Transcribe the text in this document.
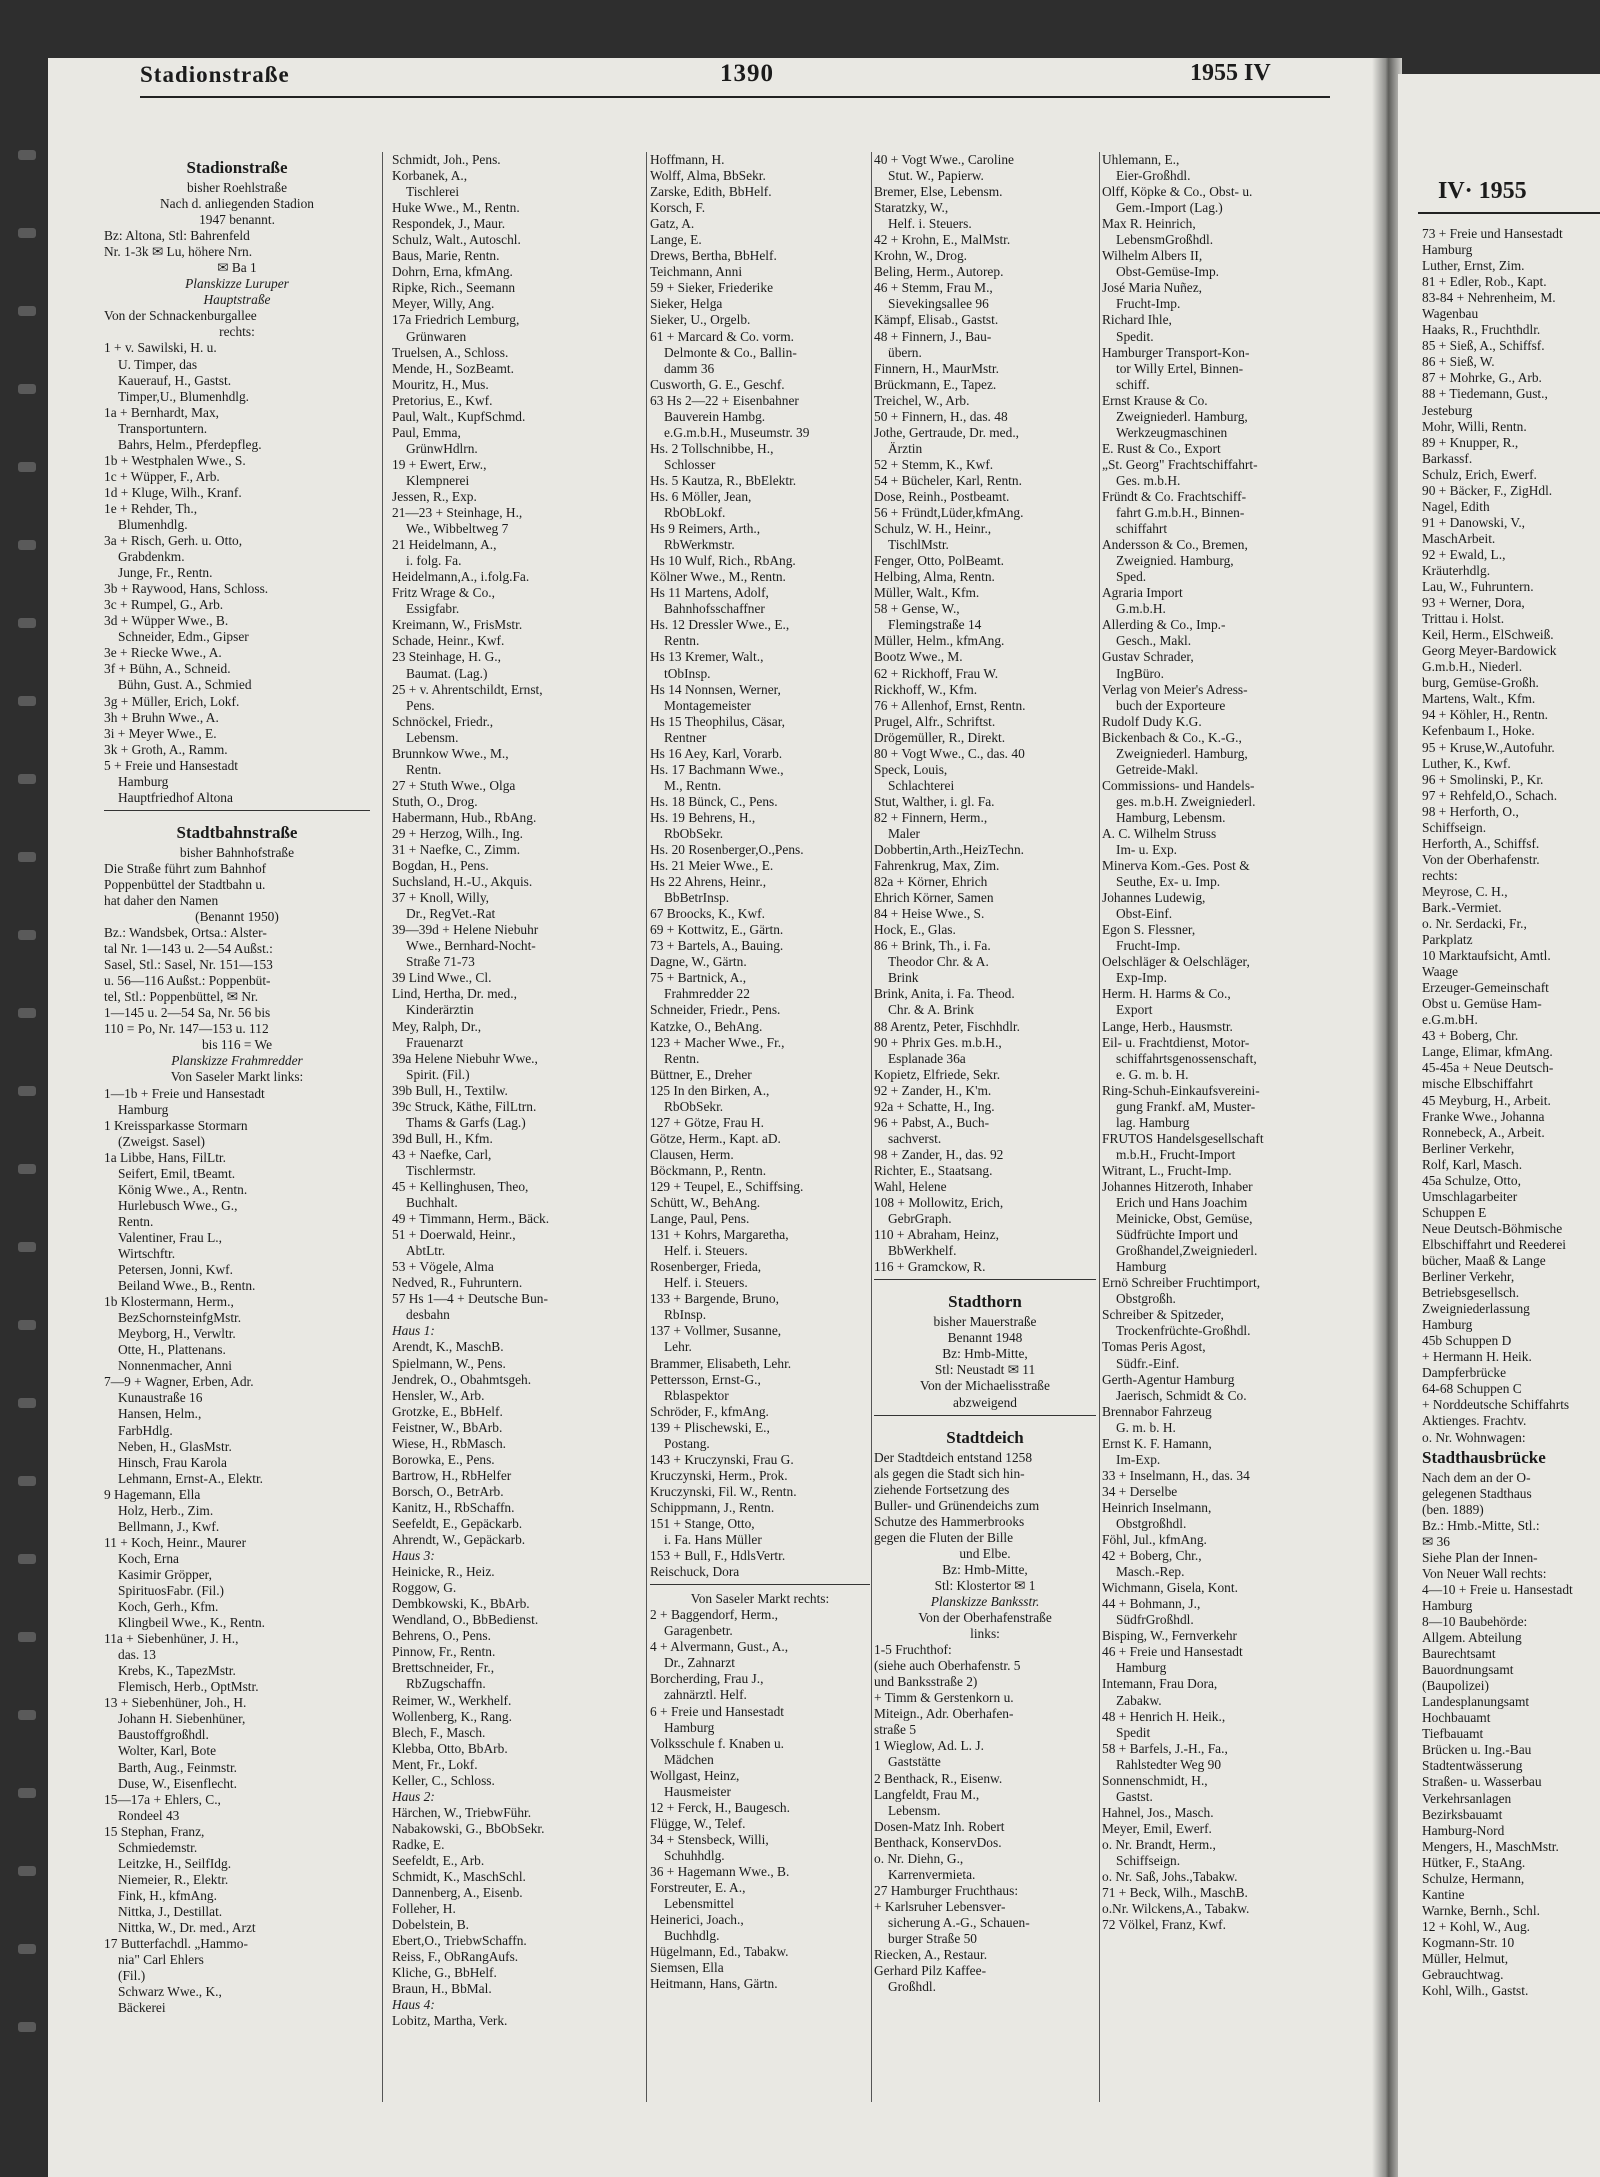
IV· 1955
73 + Freie und Hansestadt
Hamburg
Luther, Ernst, Zim.
81 + Edler, Rob., Kapt.
83-84 + Nehrenheim, M.
Wagenbau
Haaks, R., Fruchthdlr.
85 + Sieß, A., Schiffsf.
86 + Sieß, W.
87 + Mohrke, G., Arb.
88 + Tiedemann, Gust.,
Jesteburg
Mohr, Willi, Rentn.
89 + Knupper, R.,
Barkassf.
Schulz, Erich, Ewerf.
90 + Bäcker, F., ZigHdl.
Nagel, Edith
91 + Danowski, V.,
MaschArbeit.
92 + Ewald, L.,
Kräuterhdlg.
Lau, W., Fuhruntern.
93 + Werner, Dora,
Trittau i. Holst.
Keil, Herm., ElSchweiß.
Georg Meyer-Bardowick
G.m.b.H., Niederl.
burg, Gemüse-Großh.
Martens, Walt., Kfm.
94 + Köhler, H., Rentn.
Kefenbaum I., Hoke.
95 + Kruse,W.,Autofuhr.
Luther, K., Kwf.
96 + Smolinski, P., Kr.
97 + Rehfeld,O., Schach.
98 + Herforth, O.,
Schiffseign.
Herforth, A., Schiffsf.
Von der Oberhafenstr.
rechts:
Meyrose, C. H.,
Bark.-Vermiet.
o. Nr. Serdacki, Fr.,
Parkplatz
10 Marktaufsicht, Amtl.
Waage
Erzeuger-Gemeinschaft
Obst u. Gemüse Ham-
e.G.m.bH.
43 + Boberg, Chr.
Lange, Elimar, kfmAng.
45-45a + Neue Deutsch-
mische Elbschiffahrt
45 Meyburg, H., Arbeit.
Franke Wwe., Johanna
Ronnebeck, A., Arbeit.
Berliner Verkehr,
Rolf, Karl, Masch.
45a Schulze, Otto,
Umschlagarbeiter
Schuppen E
Neue Deutsch-Böhmische
Elbschiffahrt und Reederei
bücher, Maaß & Lange
Berliner Verkehr,
Betriebsgesellsch.
Zweigniederlassung
Hamburg
45b Schuppen D
+ Hermann H. Heik.
Dampferbrücke
64-68 Schuppen C
+ Norddeutsche Schiffahrts
Aktienges. Frachtv.
o. Nr. Wohnwagen:
Stadthausbrücke
Nach dem an der O-
gelegenen Stadthaus
(ben. 1889)
Bz.: Hmb.-Mitte, Stl.:
✉ 36
Siehe Plan der Innen-
Von Neuer Wall rechts:
4—10 + Freie u. Hansestadt
Hamburg
8—10 Baubehörde:
Allgem. Abteilung
Baurechtsamt
Bauordnungsamt
(Baupolizei)
Landesplanungsamt
Hochbauamt
Tiefbauamt
Brücken u. Ing.-Bau
Stadtentwässerung
Straßen- u. Wasserbau
Verkehrsanlagen
Bezirksbauamt
Hamburg-Nord
Mengers, H., MaschMstr.
Hütker, F., StaAng.
Schulze, Hermann,
Kantine
Warnke, Bernh., Schl.
12 + Kohl, W., Aug.
Kogmann-Str. 10
Müller, Helmut,
Gebrauchtwag.
Kohl, Wilh., Gastst.
Stadionstraße	1390	1955 IV
Stadionstraße
bisher Roehlstraße
Nach d. anliegenden Stadion
1947 benannt.
Bz: Altona, Stl: Bahrenfeld
Nr. 1-3k ✉ Lu, höhere Nrn.
✉ Ba 1
Planskizze Luruper
Hauptstraße
Von der Schnackenburgallee
rechts:
1 + v. Sawilski, H. u.
U. Timper, das
Kauerauf, H., Gastst.
Timper,U., Blumenhdlg.
1a + Bernhardt, Max,
Transportuntern.
Bahrs, Helm., Pferdepfleg.
1b + Westphalen Wwe., S.
1c + Wüpper, F., Arb.
1d + Kluge, Wilh., Kranf.
1e + Rehder, Th.,
Blumenhdlg.
3a + Risch, Gerh. u. Otto,
Grabdenkm.
Junge, Fr., Rentn.
3b + Raywood, Hans, Schloss.
3c + Rumpel, G., Arb.
3d + Wüpper Wwe., B.
Schneider, Edm., Gipser
3e + Riecke Wwe., A.
3f + Bühn, A., Schneid.
Bühn, Gust. A., Schmied
3g + Müller, Erich, Lokf.
3h + Bruhn Wwe., A.
3i + Meyer Wwe., E.
3k + Groth, A., Ramm.
5 + Freie und Hansestadt
Hamburg
Hauptfriedhof Altona
Stadtbahnstraße
bisher Bahnhofstraße
Die Straße führt zum Bahnhof
Poppenbüttel der Stadtbahn u.
hat daher den Namen
(Benannt 1950)
Bz.: Wandsbek, Ortsa.: Alster-
tal Nr. 1—143 u. 2—54 Außst.:
Sasel, Stl.: Sasel, Nr. 151—153
u. 56—116 Außst.: Poppenbüt-
tel, Stl.: Poppenbüttel, ✉ Nr.
1—145 u. 2—54 Sa, Nr. 56 bis
110 = Po, Nr. 147—153 u. 112
bis 116 = We
Planskizze Frahmredder
Von Saseler Markt links:
1—1b + Freie und Hansestadt
Hamburg
1 Kreissparkasse Stormarn
(Zweigst. Sasel)
1a Libbe, Hans, FilLtr.
Seifert, Emil, tBeamt.
König Wwe., A., Rentn.
Hurlebusch Wwe., G.,
Rentn.
Valentiner, Frau L.,
Wirtschftr.
Petersen, Jonni, Kwf.
Beiland Wwe., B., Rentn.
1b Klostermann, Herm.,
BezSchornsteinfgMstr.
Meyborg, H., Verwltr.
Otte, H., Plattenans.
Nonnenmacher, Anni
7—9 + Wagner, Erben, Adr.
Kunaustraße 16
Hansen, Helm.,
FarbHdlg.
Neben, H., GlasMstr.
Hinsch, Frau Karola
Lehmann, Ernst-A., Elektr.
9 Hagemann, Ella
Holz, Herb., Zim.
Bellmann, J., Kwf.
11 + Koch, Heinr., Maurer
Koch, Erna
Kasimir Gröpper,
SpirituosFabr. (Fil.)
Koch, Gerh., Kfm.
Klingbeil Wwe., K., Rentn.
11a + Siebenhüner, J. H.,
das. 13
Krebs, K., TapezMstr.
Flemisch, Herb., OptMstr.
13 + Siebenhüner, Joh., H.
Johann H. Siebenhüner,
Baustoffgroßhdl.
Wolter, Karl, Bote
Barth, Aug., Feinmstr.
Duse, W., Eisenflecht.
15—17a + Ehlers, C.,
Rondeel 43
15 Stephan, Franz,
Schmiedemstr.
Leitzke, H., SeilfIdg.
Niemeier, R., Elektr.
Fink, H., kfmAng.
Nittka, J., Destillat.
Nittka, W., Dr. med., Arzt
17 Butterfachdl. „Hammo-
nia" Carl Ehlers
(Fil.)
Schwarz Wwe., K.,
Bäckerei
Schmidt, Joh., Pens.
Korbanek, A.,
Tischlerei
Huke Wwe., M., Rentn.
Respondek, J., Maur.
Schulz, Walt., Autoschl.
Baus, Marie, Rentn.
Dohrn, Erna, kfmAng.
Ripke, Rich., Seemann
Meyer, Willy, Ang.
17a Friedrich Lemburg,
Grünwaren
Truelsen, A., Schloss.
Mende, H., SozBeamt.
Mouritz, H., Mus.
Pretorius, E., Kwf.
Paul, Walt., KupfSchmd.
Paul, Emma,
GrünwHdlrn.
19 + Ewert, Erw.,
Klempnerei
Jessen, R., Exp.
21—23 + Steinhage, H.,
We., Wibbeltweg 7
21 Heidelmann, A.,
i. folg. Fa.
Heidelmann,A., i.folg.Fa.
Fritz Wrage & Co.,
Essigfabr.
Kreimann, W., FrisMstr.
Schade, Heinr., Kwf.
23 Steinhage, H. G.,
Baumat. (Lag.)
25 + v. Ahrentschildt, Ernst,
Pens.
Schnöckel, Friedr.,
Lebensm.
Brunnkow Wwe., M.,
Rentn.
27 + Stuth Wwe., Olga
Stuth, O., Drog.
Habermann, Hub., RbAng.
29 + Herzog, Wilh., Ing.
31 + Naefke, C., Zimm.
Bogdan, H., Pens.
Suchsland, H.-U., Akquis.
37 + Knoll, Willy,
Dr., RegVet.-Rat
39—39d + Helene Niebuhr
Wwe., Bernhard-Nocht-
Straße 71-73
39 Lind Wwe., Cl.
Lind, Hertha, Dr. med.,
Kinderärztin
Mey, Ralph, Dr.,
Frauenarzt
39a Helene Niebuhr Wwe.,
Spirit. (Fil.)
39b Bull, H., Textilw.
39c Struck, Käthe, FilLtrn.
Thams & Garfs (Lag.)
39d Bull, H., Kfm.
43 + Naefke, Carl,
Tischlermstr.
45 + Kellinghusen, Theo,
Buchhalt.
49 + Timmann, Herm., Bäck.
51 + Doerwald, Heinr.,
AbtLtr.
53 + Vögele, Alma
Nedved, R., Fuhruntern.
57 Hs 1—4 + Deutsche Bun-
desbahn
Haus 1:
Arendt, K., MaschB.
Spielmann, W., Pens.
Jendrek, O., Obahmtsgeh.
Hensler, W., Arb.
Grotzke, E., BbHelf.
Feistner, W., BbArb.
Wiese, H., RbMasch.
Borowka, E., Pens.
Bartrow, H., RbHelfer
Borsch, O., BetrArb.
Kanitz, H., RbSchaffn.
Seefeldt, E., Gepäckarb.
Ahrendt, W., Gepäckarb.
Haus 3:
Heinicke, R., Heiz.
Roggow, G.
Dembkowski, K., BbArb.
Wendland, O., BbBedienst.
Behrens, O., Pens.
Pinnow, Fr., Rentn.
Brettschneider, Fr.,
RbZugschaffn.
Reimer, W., Werkhelf.
Wollenberg, K., Rang.
Blech, F., Masch.
Klebba, Otto, BbArb.
Ment, Fr., Lokf.
Keller, C., Schloss.
Haus 2:
Härchen, W., TriebwFühr.
Nabakowski, G., BbObSekr.
Radke, E.
Seefeldt, E., Arb.
Schmidt, K., MaschSchl.
Dannenberg, A., Eisenb.
Folleher, H.
Dobelstein, B.
Ebert,O., TriebwSchaffn.
Reiss, F., ObRangAufs.
Kliche, G., BbHelf.
Braun, H., BbMal.
Haus 4:
Lobitz, Martha, Verk.
Hoffmann, H.
Wolff, Alma, BbSekr.
Zarske, Edith, BbHelf.
Korsch, F.
Gatz, A.
Lange, E.
Drews, Bertha, BbHelf.
Teichmann, Anni
59 + Sieker, Friederike
Sieker, Helga
Sieker, U., Orgelb.
61 + Marcard & Co. vorm.
Delmonte & Co., Ballin-
damm 36
Cusworth, G. E., Geschf.
63 Hs 2—22 + Eisenbahner
Bauverein Hambg.
e.G.m.b.H., Museumstr. 39
Hs. 2 Tollschnibbe, H.,
Schlosser
Hs. 5 Kautza, R., BbElektr.
Hs. 6 Möller, Jean,
RbObLokf.
Hs 9 Reimers, Arth.,
RbWerkmstr.
Hs 10 Wulf, Rich., RbAng.
Kölner Wwe., M., Rentn.
Hs 11 Martens, Adolf,
Bahnhofsschaffner
Hs. 12 Dressler Wwe., E.,
Rentn.
Hs 13 Kremer, Walt.,
tObInsp.
Hs 14 Nonnsen, Werner,
Montagemeister
Hs 15 Theophilus, Cäsar,
Rentner
Hs 16 Aey, Karl, Vorarb.
Hs. 17 Bachmann Wwe.,
M., Rentn.
Hs. 18 Bünck, C., Pens.
Hs. 19 Behrens, H.,
RbObSekr.
Hs. 20 Rosenberger,O.,Pens.
Hs. 21 Meier Wwe., E.
Hs 22 Ahrens, Heinr.,
BbBetrInsp.
67 Broocks, K., Kwf.
69 + Kottwitz, E., Gärtn.
73 + Bartels, A., Bauing.
Dagne, W., Gärtn.
75 + Bartnick, A.,
Frahmredder 22
Schneider, Friedr., Pens.
Katzke, O., BehAng.
123 + Macher Wwe., Fr.,
Rentn.
Büttner, E., Dreher
125 In den Birken, A.,
RbObSekr.
127 + Götze, Frau H.
Götze, Herm., Kapt. aD.
Clausen, Herm.
Böckmann, P., Rentn.
129 + Teupel, E., Schiffsing.
Schütt, W., BehAng.
Lange, Paul, Pens.
131 + Kohrs, Margaretha,
Helf. i. Steuers.
Rosenberger, Frieda,
Helf. i. Steuers.
133 + Bargende, Bruno,
RbInsp.
137 + Vollmer, Susanne,
Lehr.
Brammer, Elisabeth, Lehr.
Pettersson, Ernst-G.,
Rblaspektor
Schröder, F., kfmAng.
139 + Plischewski, E.,
Postang.
143 + Kruczynski, Frau G.
Kruczynski, Herm., Prok.
Kruczynski, Fil. W., Rentn.
Schippmann, J., Rentn.
151 + Stange, Otto,
i. Fa. Hans Müller
153 + Bull, F., HdlsVertr.
Reischuck, Dora
Von Saseler Markt rechts:
2 + Baggendorf, Herm.,
Garagenbetr.
4 + Alvermann, Gust., A.,
Dr., Zahnarzt
Borcherding, Frau J.,
zahnärztl. Helf.
6 + Freie und Hansestadt
Hamburg
Volksschule f. Knaben u.
Mädchen
Wollgast, Heinz,
Hausmeister
12 + Ferck, H., Baugesch.
Flügge, W., Telef.
34 + Stensbeck, Willi,
Schuhhdlg.
36 + Hagemann Wwe., B.
Forstreuter, E. A.,
Lebensmittel
Heinerici, Joach.,
Buchhdlg.
Hügelmann, Ed., Tabakw.
Siemsen, Ella
Heitmann, Hans, Gärtn.
40 + Vogt Wwe., Caroline
Stut. W., Papierw.
Bremer, Else, Lebensm.
Staratzky, W.,
Helf. i. Steuers.
42 + Krohn, E., MalMstr.
Krohn, W., Drog.
Beling, Herm., Autorep.
46 + Stemm, Frau M.,
Sievekingsallee 96
Kämpf, Elisab., Gastst.
48 + Finnern, J., Bau-
übern.
Finnern, H., MaurMstr.
Brückmann, E., Tapez.
Treichel, W., Arb.
50 + Finnern, H., das. 48
Jothe, Gertraude, Dr. med.,
Ärztin
52 + Stemm, K., Kwf.
54 + Bücheler, Karl, Rentn.
Dose, Reinh., Postbeamt.
56 + Fründt,Lüder,kfmAng.
Schulz, W. H., Heinr.,
TischlMstr.
Fenger, Otto, PolBeamt.
Helbing, Alma, Rentn.
Müller, Walt., Kfm.
58 + Gense, W.,
Flemingstraße 14
Müller, Helm., kfmAng.
Bootz Wwe., M.
62 + Rickhoff, Frau W.
Rickhoff, W., Kfm.
76 + Allenhof, Ernst, Rentn.
Prugel, Alfr., Schriftst.
Drögemüller, R., Direkt.
80 + Vogt Wwe., C., das. 40
Speck, Louis,
Schlachterei
Stut, Walther, i. gl. Fa.
82 + Finnern, Herm.,
Maler
Dobbertin,Arth.,HeizTechn.
Fahrenkrug, Max, Zim.
82a + Körner, Ehrich
Ehrich Körner, Samen
84 + Heise Wwe., S.
Hock, E., Glas.
86 + Brink, Th., i. Fa.
Theodor Chr. & A.
Brink
Brink, Anita, i. Fa. Theod.
Chr. & A. Brink
88 Arentz, Peter, Fischhdlr.
90 + Phrix Ges. m.b.H.,
Esplanade 36a
Kopietz, Elfriede, Sekr.
92 + Zander, H., K'm.
92a + Schatte, H., Ing.
96 + Pabst, A., Buch-
sachverst.
98 + Zander, H., das. 92
Richter, E., Staatsang.
Wahl, Helene
108 + Mollowitz, Erich,
GebrGraph.
110 + Abraham, Heinz,
BbWerkhelf.
116 + Gramckow, R.
Stadthorn
bisher Mauerstraße
Benannt 1948
Bz: Hmb-Mitte,
Stl: Neustadt ✉ 11
Von der Michaelisstraße
abzweigend
Stadtdeich
Der Stadtdeich entstand 1258
als gegen die Stadt sich hin-
ziehende Fortsetzung des
Buller- und Grünendeichs zum
Schutze des Hammerbrooks
gegen die Fluten der Bille
und Elbe.
Bz: Hmb-Mitte,
Stl: Klostertor ✉ 1
Planskizze Banksstr.
Von der Oberhafenstraße
links:
1-5 Fruchthof:
(siehe auch Oberhafenstr. 5
und Banksstraße 2)
+ Timm & Gerstenkorn u.
Miteign., Adr. Oberhafen-
straße 5
1 Wieglow, Ad. L. J.
Gaststätte
2 Benthack, R., Eisenw.
Langfeldt, Frau M.,
Lebensm.
Dosen-Matz Inh. Robert
Benthack, KonservDos.
o. Nr. Diehn, G.,
Karrenvermieta.
27 Hamburger Fruchthaus:
+ Karlsruher Lebensver-
sicherung A.-G., Schauen-
burger Straße 50
Riecken, A., Restaur.
Gerhard Pilz Kaffee-
Großhdl.
Uhlemann, E.,
Eier-Großhdl.
Olff, Köpke & Co., Obst- u.
Gem.-Import (Lag.)
Max R. Heinrich,
LebensmGroßhdl.
Wilhelm Albers II,
Obst-Gemüse-Imp.
José Maria Nuñez,
Frucht-Imp.
Richard Ihle,
Spedit.
Hamburger Transport-Kon-
tor Willy Ertel, Binnen-
schiff.
Ernst Krause & Co.
Zweigniederl. Hamburg,
Werkzeugmaschinen
E. Rust & Co., Export
„St. Georg" Frachtschiffahrt-
Ges. m.b.H.
Fründt & Co. Frachtschiff-
fahrt G.m.b.H., Binnen-
schiffahrt
Andersson & Co., Bremen,
Zweignied. Hamburg,
Sped.
Agraria Import
G.m.b.H.
Allerding & Co., Imp.-
Gesch., Makl.
Gustav Schrader,
IngBüro.
Verlag von Meier's Adress-
buch der Exporteure
Rudolf Dudy K.G.
Bickenbach & Co., K.-G.,
Zweigniederl. Hamburg,
Getreide-Makl.
Commissions- und Handels-
ges. m.b.H. Zweigniederl.
Hamburg, Lebensm.
A. C. Wilhelm Struss
Im- u. Exp.
Minerva Kom.-Ges. Post &
Seuthe, Ex- u. Imp.
Johannes Ludewig,
Obst-Einf.
Egon S. Flessner,
Frucht-Imp.
Oelschläger & Oelschläger,
Exp-Imp.
Herm. H. Harms & Co.,
Export
Lange, Herb., Hausmstr.
Eil- u. Frachtdienst, Motor-
schiffahrtsgenossenschaft,
e. G. m. b. H.
Ring-Schuh-Einkaufsvereini-
gung Frankf. aM, Muster-
lag. Hamburg
FRUTOS Handelsgesellschaft
m.b.H., Frucht-Import
Witrant, L., Frucht-Imp.
Johannes Hitzeroth, Inhaber
Erich und Hans Joachim
Meinicke, Obst, Gemüse,
Südfrüchte Import und
Großhandel,Zweigniederl.
Hamburg
Ernö Schreiber Fruchtimport,
Obstgroßh.
Schreiber & Spitzeder,
Trockenfrüchte-Großhdl.
Tomas Peris Agost,
Südfr.-Einf.
Gerth-Agentur Hamburg
Jaerisch, Schmidt & Co.
Brennabor Fahrzeug
G. m. b. H.
Ernst K. F. Hamann,
Im-Exp.
33 + Inselmann, H., das. 34
34 + Derselbe
Heinrich Inselmann,
Obstgroßhdl.
Föhl, Jul., kfmAng.
42 + Boberg, Chr.,
Masch.-Rep.
Wichmann, Gisela, Kont.
44 + Bohmann, J.,
SüdfrGroßhdl.
Bisping, W., Fernverkehr
46 + Freie und Hansestadt
Hamburg
Intemann, Frau Dora,
Zabakw.
48 + Henrich H. Heik.,
Spedit
58 + Barfels, J.-H., Fa.,
Rahlstedter Weg 90
Sonnenschmidt, H.,
Gastst.
Hahnel, Jos., Masch.
Meyer, Emil, Ewerf.
o. Nr. Brandt, Herm.,
Schiffseign.
o. Nr. Saß, Johs.,Tabakw.
71 + Beck, Wilh., MaschB.
o.Nr. Wilckens,A., Tabakw.
72 Völkel, Franz, Kwf.
